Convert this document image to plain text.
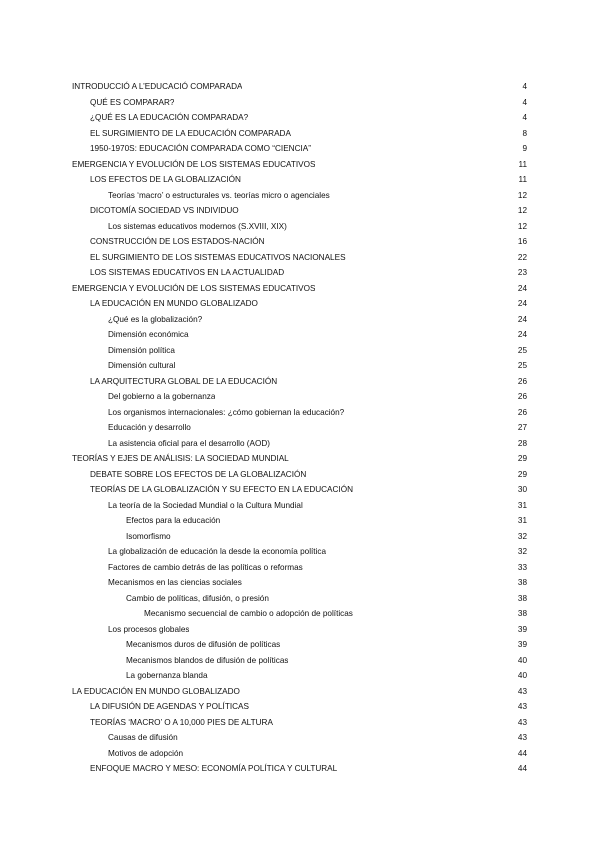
INTRODUCCIÓ A L’EDUCACIÓ COMPARADA	4
QUÉ ES COMPARAR?	4
¿QUÉ ES LA EDUCACIÓN COMPARADA?	4
EL SURGIMIENTO DE LA EDUCACIÓN COMPARADA	8
1950-1970S: EDUCACIÓN COMPARADA COMO “CIENCIA”	9
EMERGENCIA Y EVOLUCIÓN DE LOS SISTEMAS EDUCATIVOS	11
LOS EFECTOS DE LA GLOBALIZACIÓN	11
Teorías ‘macro’ o estructurales vs. teorías micro o agenciales	12
DICOTOMÍA SOCIEDAD VS INDIVIDUO	12
Los sistemas educativos modernos (S.XVIII, XIX)	12
CONSTRUCCIÓN DE LOS ESTADOS-NACIÓN	16
EL SURGIMIENTO DE LOS SISTEMAS EDUCATIVOS NACIONALES	22
LOS SISTEMAS EDUCATIVOS EN LA ACTUALIDAD	23
EMERGENCIA Y EVOLUCIÓN DE LOS SISTEMAS EDUCATIVOS	24
LA EDUCACIÓN EN MUNDO GLOBALIZADO	24
¿Qué es la globalización?	24
Dimensión económica	24
Dimensión política	25
Dimensión cultural	25
LA ARQUITECTURA GLOBAL DE LA EDUCACIÓN	26
Del gobierno a la gobernanza	26
Los organismos internacionales: ¿cómo gobiernan la educación?	26
Educación y desarrollo	27
La asistencia oficial para el desarrollo (AOD)	28
TEORÍAS Y EJES DE ANÁLISIS: LA SOCIEDAD MUNDIAL	29
DEBATE SOBRE LOS EFECTOS DE LA GLOBALIZACIÓN	29
TEORÍAS DE LA GLOBALIZACIÓN Y SU EFECTO EN LA EDUCACIÓN	30
La teoría de la Sociedad Mundial o la Cultura Mundial	31
Efectos para la educación	31
Isomorfismo	32
La globalización de educación la desde la economía política	32
Factores de cambio detrás de las políticas o reformas	33
Mecanismos en las ciencias sociales	38
Cambio de políticas, difusión, o presión	38
Mecanismo secuencial de cambio o adopción de políticas	38
Los procesos globales	39
Mecanismos duros de difusión de políticas	39
Mecanismos blandos de difusión de políticas	40
La gobernanza blanda	40
LA EDUCACIÓN EN MUNDO GLOBALIZADO	43
LA DIFUSIÓN DE AGENDAS Y POLÍTICAS	43
TEORÍAS ‘MACRO’ O A 10,000 PIES DE ALTURA	43
Causas de difusión	43
Motivos de adopción	44
ENFOQUE MACRO Y MESO: ECONOMÍA POLÍTICA Y CULTURAL	44
